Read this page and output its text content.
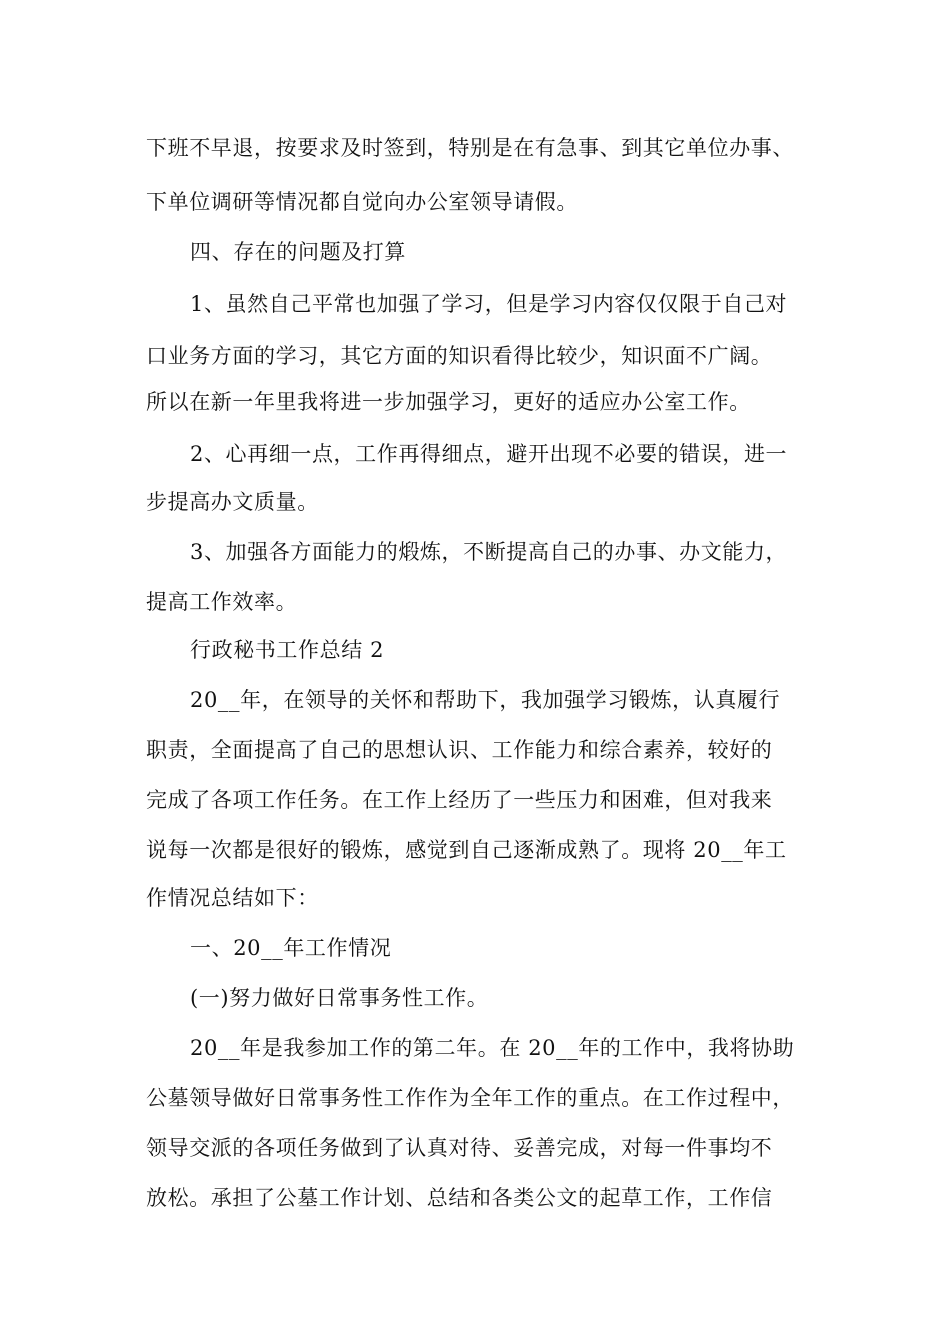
下班不早退，按要求及时签到，特别是在有急事、到其它单位办事、
下单位调研等情况都自觉向办公室领导请假。
四、存在的问题及打算
1、虽然自己平常也加强了学习，但是学习内容仅仅限于自己对
口业务方面的学习，其它方面的知识看得比较少，知识面不广阔。
所以在新一年里我将进一步加强学习，更好的适应办公室工作。
2、心再细一点，工作再得细点，避开出现不必要的错误，进一
步提高办文质量。
3、加强各方面能力的煅炼，不断提高自己的办事、办文能力，
提高工作效率。
行政秘书工作总结 2
20__年，在领导的关怀和帮助下，我加强学习锻炼，认真履行
职责，全面提高了自己的思想认识、工作能力和综合素养，较好的
完成了各项工作任务。在工作上经历了一些压力和困难，但对我来
说每一次都是很好的锻炼，感觉到自己逐渐成熟了。现将 20__年工
作情况总结如下：
一、20__年工作情况
(一)努力做好日常事务性工作。
20__年是我参加工作的第二年。在 20__年的工作中，我将协助
公墓领导做好日常事务性工作作为全年工作的重点。在工作过程中，
领导交派的各项任务做到了认真对待、妥善完成，对每一件事均不
放松。承担了公墓工作计划、总结和各类公文的起草工作，工作信
